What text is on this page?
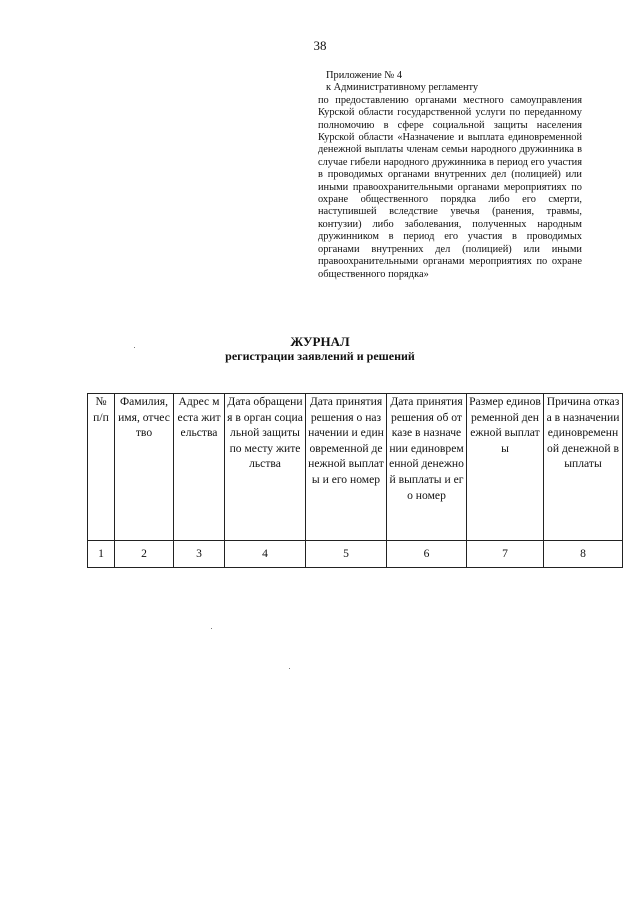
38
Приложение № 4
к Административному регламенту
по предоставлению органами местного самоуправления Курской области государственной услуги по переданному полномочию в сфере социальной защиты населения Курской области «Назначение и выплата единовременной денежной выплаты членам семьи народного дружинника в случае гибели народного дружинника в период его участия в проводимых органами внутренних дел (полицией) или иными правоохранительными органами мероприятиях по охране общественного порядка либо его смерти, наступившей вследствие увечья (ранения, травмы, контузии) либо заболевания, полученных народным дружинником в период его участия в проводимых органами внутренних дел (полицией) или иными правоохранительными органами мероприятиях по охране общественного порядка»
ЖУРНАЛ
регистрации заявлений и решений
№ п/п	Фамилия, имя, отчество	Адрес места жительства	Дата обращения в орган социальной защиты по месту жительства	Дата принятия решения о назначении и единовременной денежной выплаты и его номер	Дата принятия решения об отказе в назначении единовременной денежной выплаты и его номер	Размер единовременной денежной выплаты	Причина отказа в назначении единовременной денежной выплаты
1	2	3	4	5	6	7	8
